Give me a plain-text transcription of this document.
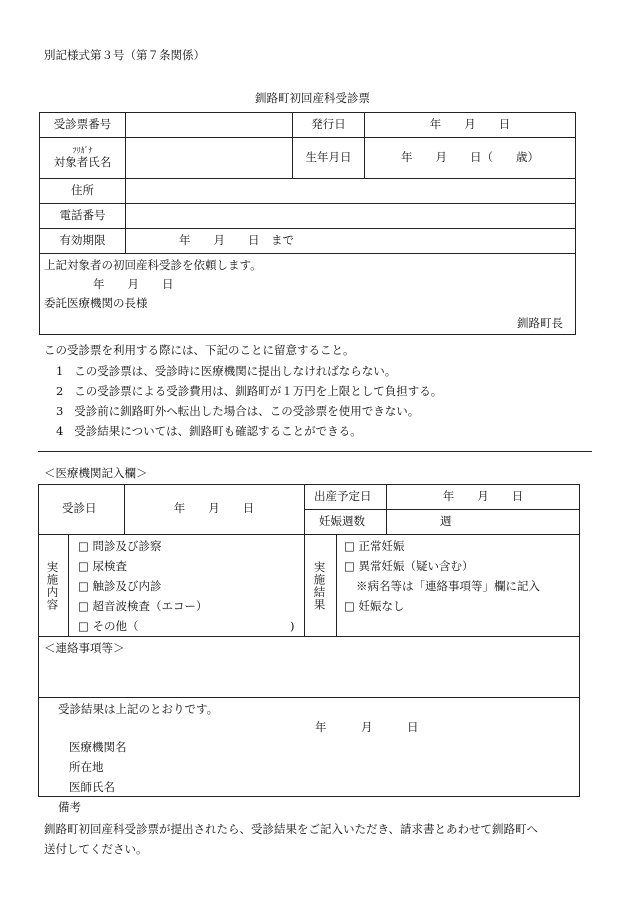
別記様式第３号（第７条関係）
釧路町初回産科受診票
受診票番号		発行日	年　　月　　日

ﾌﾘｶﾞﾅ
対象者氏名		生年月日	年　　月　　日（　　歳）
住所			
電話番号			
有効期限	年　　月　　日　まで		

上記対象者の初回産科受診を依頼します。
年　　月　　日
委託医療機関の長様
釧路町長			
この受診票を利用する際には、下記のことに留意すること。
1 この受診票は、受診時に医療機関に提出しなければならない。
2 この受診票による受診費用は、釧路町が１万円を上限として負担する。
3 受診前に釧路町外へ転出した場合は、この受診票を使用できない。
4 受診結果については、釧路町も確認することができる。
＜医療機関記入欄＞
受診日	年　　月　　日
出産予定日	年　　月　　日
妊娠週数	週
実施内容
□ 問診及び診察
□ 尿検査
□ 触診及び内診
□ 超音波検査（エコー）
□ その他（	)
実施結果
□ 正常妊娠
□ 異常妊娠（疑い含む）
※病名等は「連絡事項等」欄に記入
□ 妊娠なし
＜連絡事項等＞
受診結果は上記のとおりです。
年　　　月　　　日
医療機関名
所在地
医師氏名
備考
釧路町初回産科受診票が提出されたら、受診結果をご記入いただき、請求書とあわせて釧路町へ
送付してください。
